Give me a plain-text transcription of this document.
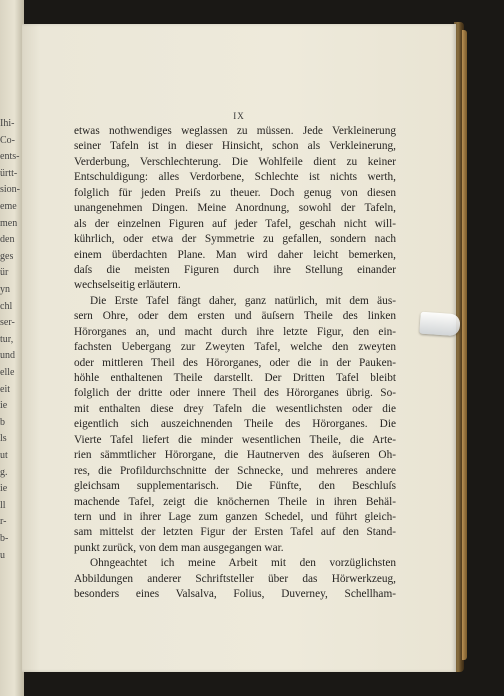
Ihi-
Co-
ents-
ürtt-
sion-
eme
men
den
ges
ür
yn
chl
ser-
tur,
und
elle
eit
ie
b
ls
ut
g.
ie
ll
r-
b-
u
IX
etwas nothwendiges weglassen zu müssen. Jede Verkleinerung
seiner Tafeln ist in dieser Hinsicht, schon als Verkleinerung,
Verderbung, Verschlechterung. Die Wohlfeile dient zu keiner
Entschuldigung: alles Verdorbene, Schlechte ist nichts werth,
folglich für jeden Preiſs zu theuer. Doch genug von diesen
unangenehmen Dingen. Meine Anordnung, sowohl der Tafeln,
als der einzelnen Figuren auf jeder Tafel, geschah nicht will-
kührlich, oder etwa der Symmetrie zu gefallen, sondern nach
einem überdachten Plane. Man wird daher leicht bemerken,
daſs die meisten Figuren durch ihre Stellung einander
wechselseitig erläutern.
Die Erste Tafel fängt daher, ganz natürlich, mit dem äus-
sern Ohre, oder dem ersten und äuſsern Theile des linken
Hörorganes an, und macht durch ihre letzte Figur, den ein-
fachsten Uebergang zur Zweyten Tafel, welche den zweyten
oder mittleren Theil des Hörorganes, oder die in der Pauken-
höhle enthaltenen Theile darstellt. Der Dritten Tafel bleibt
folglich der dritte oder innere Theil des Hörorganes übrig. So-
mit enthalten diese drey Tafeln die wesentlichsten oder die
eigentlich sich auszeichnenden Theile des Hörorganes. Die
Vierte Tafel liefert die minder wesentlichen Theile, die Arte-
rien sämmtlicher Hörorgane, die Hautnerven des äuſseren Oh-
res, die Profildurchschnitte der Schnecke, und mehreres andere
gleichsam supplementarisch. Die Fünfte, den Beschluſs
machende Tafel, zeigt die knöchernen Theile in ihren Behäl-
tern und in ihrer Lage zum ganzen Schedel, und führt gleich-
sam mittelst der letzten Figur der Ersten Tafel auf den Stand-
punkt zurück, von dem man ausgegangen war.
Ohngeachtet ich meine Arbeit mit den vorzüglichsten
Abbildungen anderer Schriftsteller über das Hörwerkzeug,
besonders eines Valsalva, Folius, Duverney, Schellham-
